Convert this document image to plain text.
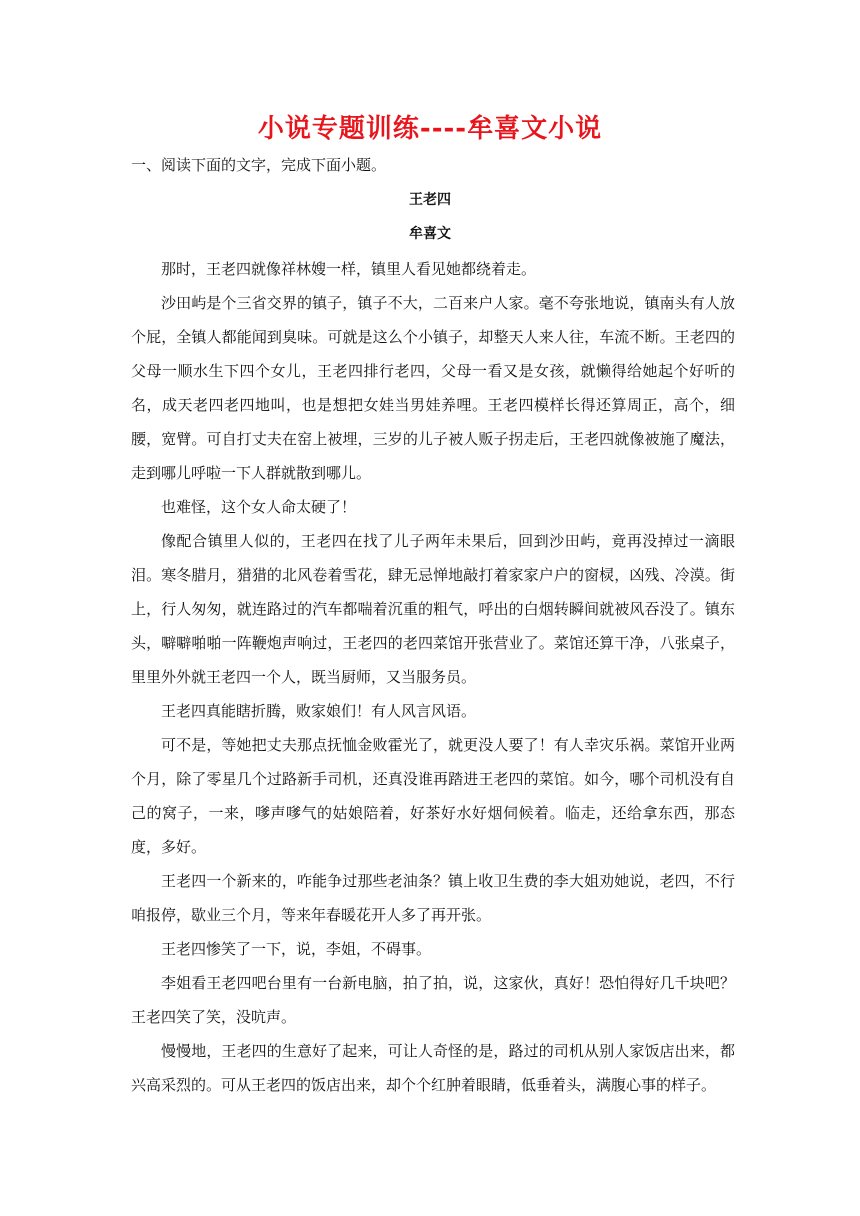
小说专题训练----牟喜文小说
一、阅读下面的文字，完成下面小题。
王老四
牟喜文

那时，王老四就像祥林嫂一样，镇里人看见她都绕着走。

沙田屿是个三省交界的镇子，镇子不大，二百来户人家。毫不夸张地说，镇南头有人放个屁，全镇人都能闻到臭味。可就是这么个小镇子，却整天人来人往，车流不断。王老四的父母一顺水生下四个女儿，王老四排行老四，父母一看又是女孩，就懒得给她起个好听的名，成天老四老四地叫，也是想把女娃当男娃养哩。王老四模样长得还算周正，高个，细腰，宽臂。可自打丈夫在窑上被埋，三岁的儿子被人贩子拐走后，王老四就像被施了魔法，走到哪儿呼啦一下人群就散到哪儿。

也难怪，这个女人命太硬了！

像配合镇里人似的，王老四在找了儿子两年未果后，回到沙田屿，竟再没掉过一滴眼泪。寒冬腊月，猎猎的北风卷着雪花，肆无忌惮地敲打着家家户户的窗棂，凶残、冷漠。街上，行人匆匆，就连路过的汽车都喘着沉重的粗气，呼出的白烟转瞬间就被风吞没了。镇东头，噼噼啪啪一阵鞭炮声响过，王老四的老四菜馆开张营业了。菜馆还算干净，八张桌子，里里外外就王老四一个人，既当厨师，又当服务员。

王老四真能瞎折腾，败家娘们！有人风言风语。

可不是，等她把丈夫那点抚恤金败霍光了，就更没人要了！有人幸灾乐祸。菜馆开业两个月，除了零星几个过路新手司机，还真没谁再踏进王老四的菜馆。如今，哪个司机没有自己的窝子，一来，嗲声嗲气的姑娘陪着，好茶好水好烟伺候着。临走，还给拿东西，那态度，多好。

王老四一个新来的，咋能争过那些老油条？镇上收卫生费的李大姐劝她说，老四，不行咱报停，歇业三个月，等来年春暖花开人多了再开张。

王老四惨笑了一下，说，李姐，不碍事。

李姐看王老四吧台里有一台新电脑，拍了拍，说，这家伙，真好！恐怕得好几千块吧？王老四笑了笑，没吭声。

慢慢地，王老四的生意好了起来，可让人奇怪的是，路过的司机从别人家饭店出来，都兴高采烈的。可从王老四的饭店出来，却个个红肿着眼睛，低垂着头，满腹心事的样子。
